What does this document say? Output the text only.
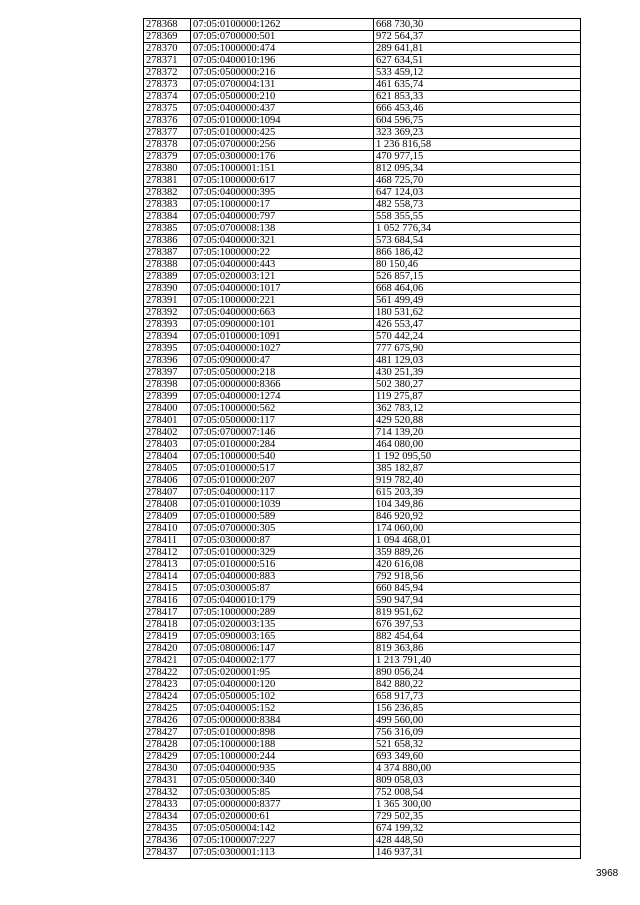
278368	07:05:0100000:1262	668 730,30
278369	07:05:0700000:501	972 564,37
278370	07:05:1000000:474	289 641,81
278371	07:05:0400010:196	627 634,51
278372	07:05:0500000:216	533 459,12
278373	07:05:0700004:131	461 635,74
278374	07:05:0500000:210	621 853,33
278375	07:05:0400000:437	666 453,46
278376	07:05:0100000:1094	604 596,75
278377	07:05:0100000:425	323 369,23
278378	07:05:0700000:256	1 236 816,58
278379	07:05:0300000:176	470 977,15
278380	07:05:1000001:151	812 095,34
278381	07:05:1000000:617	468 725,70
278382	07:05:0400000:395	647 124,03
278383	07:05:1000000:17	482 558,73
278384	07:05:0400000:797	558 355,55
278385	07:05:0700008:138	1 052 776,34
278386	07:05:0400000:321	573 684,54
278387	07:05:1000000:22	866 186,42
278388	07:05:0400000:443	80 150,46
278389	07:05:0200003:121	526 857,15
278390	07:05:0400000:1017	668 464,06
278391	07:05:1000000:221	561 499,49
278392	07:05:0400000:663	180 531,62
278393	07:05:0900000:101	426 553,47
278394	07:05:0100000:1091	570 442,24
278395	07:05:0400000:1027	777 675,90
278396	07:05:0900000:47	481 129,03
278397	07:05:0500000:218	430 251,39
278398	07:05:0000000:8366	502 380,27
278399	07:05:0400000:1274	119 275,87
278400	07:05:1000000:562	362 783,12
278401	07:05:0500000:117	429 520,88
278402	07:05:0700007:146	714 139,20
278403	07:05:0100000:284	464 080,00
278404	07:05:1000000:540	1 192 095,50
278405	07:05:0100000:517	385 182,87
278406	07:05:0100000:207	919 782,40
278407	07:05:0400000:117	615 203,39
278408	07:05:0100000:1039	104 349,86
278409	07:05:0100000:589	846 920,92
278410	07:05:0700000:305	174 060,00
278411	07:05:0300000:87	1 094 468,01
278412	07:05:0100000:329	359 889,26
278413	07:05:0100000:516	420 616,08
278414	07:05:0400000:883	792 918,56
278415	07:05:0300005:87	660 845,94
278416	07:05:0400010:179	590 947,94
278417	07:05:1000000:289	819 951,62
278418	07:05:0200003:135	676 397,53
278419	07:05:0900003:165	882 454,64
278420	07:05:0800006:147	819 363,86
278421	07:05:0400002:177	1 213 791,40
278422	07:05:0200001:95	890 056,24
278423	07:05:0400000:120	842 880,22
278424	07:05:0500005:102	658 917,73
278425	07:05:0400005:152	156 236,85
278426	07:05:0000000:8384	499 560,00
278427	07:05:0100000:898	756 316,09
278428	07:05:1000000:188	521 658,32
278429	07:05:1000000:244	693 349,60
278430	07:05:0400000:935	4 374 880,00
278431	07:05:0500000:340	809 058,03
278432	07:05:0300005:85	752 008,54
278433	07:05:0000000:8377	1 365 300,00
278434	07:05:0200000:61	729 502,35
278435	07:05:0500004:142	674 199,32
278436	07:05:1000007:227	428 448,50
278437	07:05:0300001:113	146 937,31
3968
